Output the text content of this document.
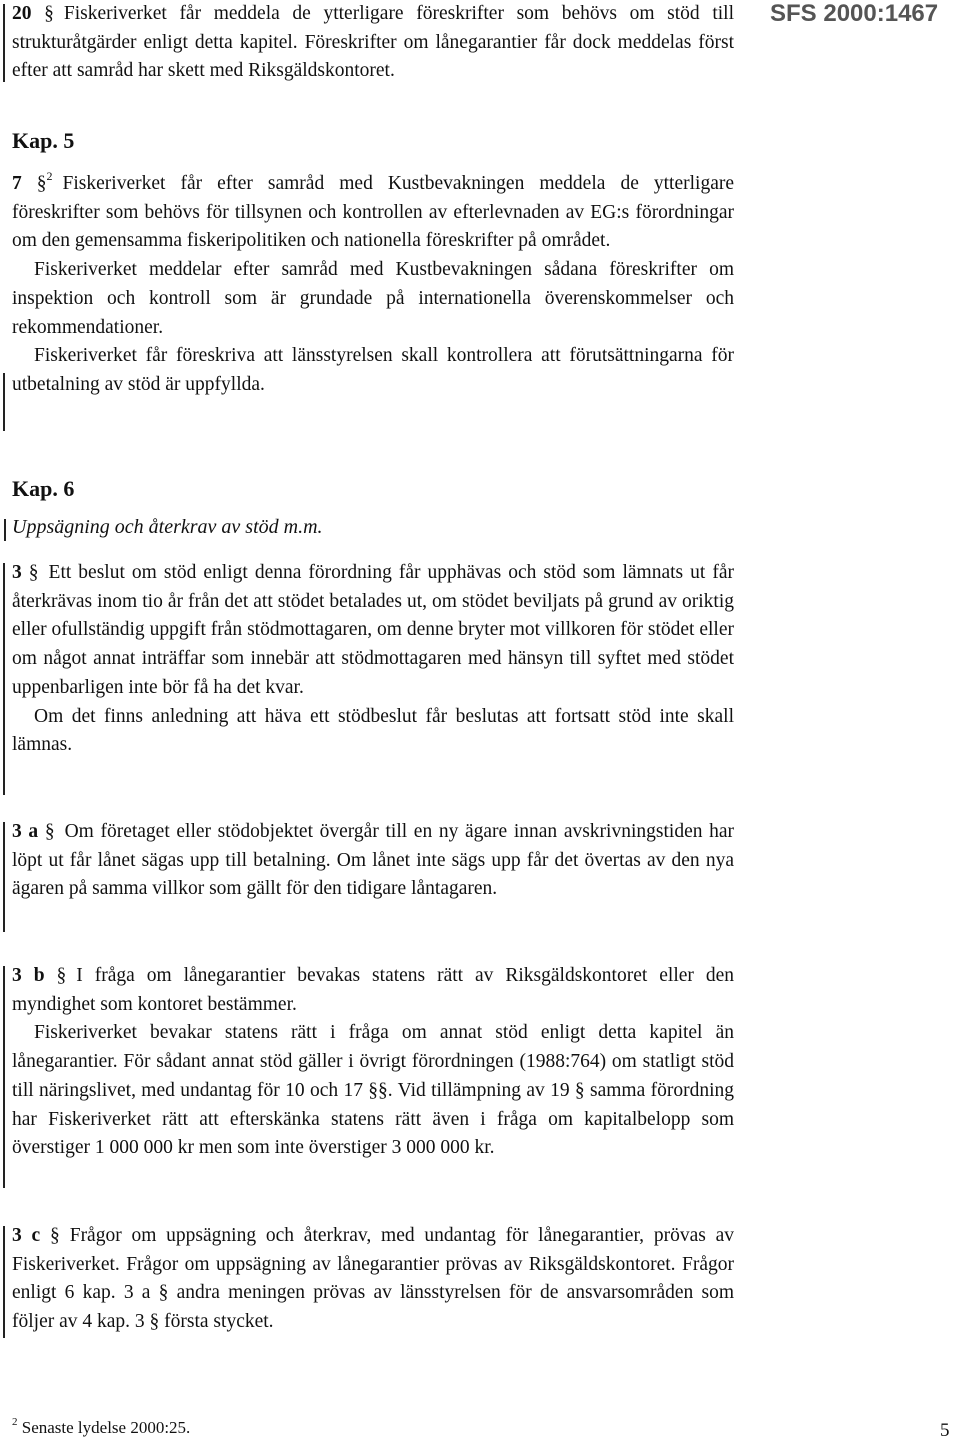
SFS 2000:1467

20 § Fiskeriverket får meddela de ytterligare föreskrifter som behövs om stöd till strukturåtgärder enligt detta kapitel. Föreskrifter om lånegarantier får dock meddelas först efter att samråd har skett med Riksgäldskontoret.

Kap. 5

7 §$^2$ Fiskeriverket får efter samråd med Kustbevakningen meddela de ytterligare föreskrifter som behövs för tillsynen och kontrollen av efterlevnaden av EG:s förordningar om den gemensamma fiskeripolitiken och nationella föreskrifter på området.

Fiskeriverket meddelar efter samråd med Kustbevakningen sådana föreskrifter om inspektion och kontroll som är grundade på internationella överenskommelser och rekommendationer.

Fiskeriverket får föreskriva att länsstyrelsen skall kontrollera att förutsättningarna för utbetalning av stöd är uppfyllda.

Kap. 6

Uppsägning och återkrav av stöd m.m.

3 § Ett beslut om stöd enligt denna förordning får upphävas och stöd som lämnats ut får återkrävas inom tio år från det att stödet betalades ut, om stödet beviljats på grund av oriktig eller ofullständig uppgift från stödmottagaren, om denne bryter mot villkoren för stödet eller om något annat inträffar som innebär att stödmottagaren med hänsyn till syftet med stödet uppenbarligen inte bör få ha det kvar.

Om det finns anledning att häva ett stödbeslut får beslutas att fortsatt stöd inte skall lämnas.

3 a § Om företaget eller stödobjektet övergår till en ny ägare innan avskrivningstiden har löpt ut får lånet sägas upp till betalning. Om lånet inte sägs upp får det övertas av den nya ägaren på samma villkor som gällt för den tidigare låntagaren.

3 b § I fråga om lånegarantier bevakas statens rätt av Riksgäldskontoret eller den myndighet som kontoret bestämmer.

Fiskeriverket bevakar statens rätt i fråga om annat stöd enligt detta kapitel än lånegarantier. För sådant annat stöd gäller i övrigt förordningen (1988:764) om statligt stöd till näringslivet, med undantag för 10 och 17 §§. Vid tillämpning av 19 § samma förordning har Fiskeriverket rätt att efterskänka statens rätt även i fråga om kapitalbelopp som överstiger 1 000 000 kr men som inte överstiger 3 000 000 kr.

3 c § Frågor om uppsägning och återkrav, med undantag för lånegarantier, prövas av Fiskeriverket. Frågor om uppsägning av lånegarantier prövas av Riksgäldskontoret. Frågor enligt 6 kap. 3 a § andra meningen prövas av länsstyrelsen för de ansvarsområden som följer av 4 kap. 3 § första stycket.

$^2$ Senaste lydelse 2000:25.	5
